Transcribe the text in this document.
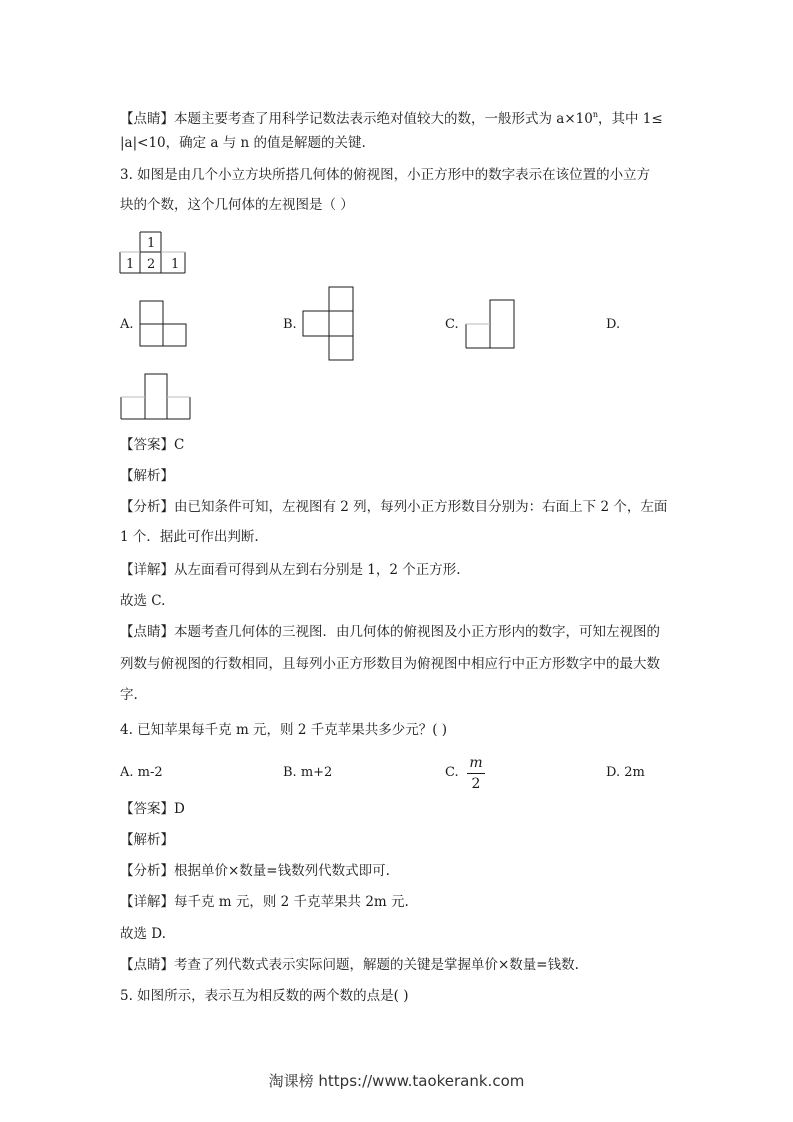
【点睛】本题主要考查了用科学记数法表示绝对值较大的数，一般形式为 $a\times 10^n$，其中 1≤
|a|<10，确定 a 与 n 的值是解题的关键.
3. 如图是由几个小立方块所搭几何体的俯视图，小正方形中的数字表示在该位置的小立方
块的个数，这个几何体的左视图是（ ）
1
1 2 1
A.	B.	C.	D.
【答案】C
【解析】
【分析】由已知条件可知，左视图有 2 列，每列小正方形数目分别为：右面上下 2 个，左面
1 个．据此可作出判断.
【详解】从左面看可得到从左到右分别是 1，2 个正方形.
故选 C.
【点睛】本题考查几何体的三视图．由几何体的俯视图及小正方形内的数字，可知左视图的
列数与俯视图的行数相同，且每列小正方形数目为俯视图中相应行中正方形数字中的最大数
字.
4. 已知苹果每千克 m 元，则 2 千克苹果共多少元？( )
A. m-2	B. m+2	C.
m
2
D. 2m
【答案】D
【解析】
【分析】根据单价×数量=钱数列代数式即可.
【详解】每千克 m 元，则 2 千克苹果共 2m 元.
故选 D.
【点睛】考查了列代数式表示实际问题，解题的关键是掌握单价×数量=钱数.
5. 如图所示，表示互为相反数的两个数的点是( )
淘课榜 https://www.taokerank.com
